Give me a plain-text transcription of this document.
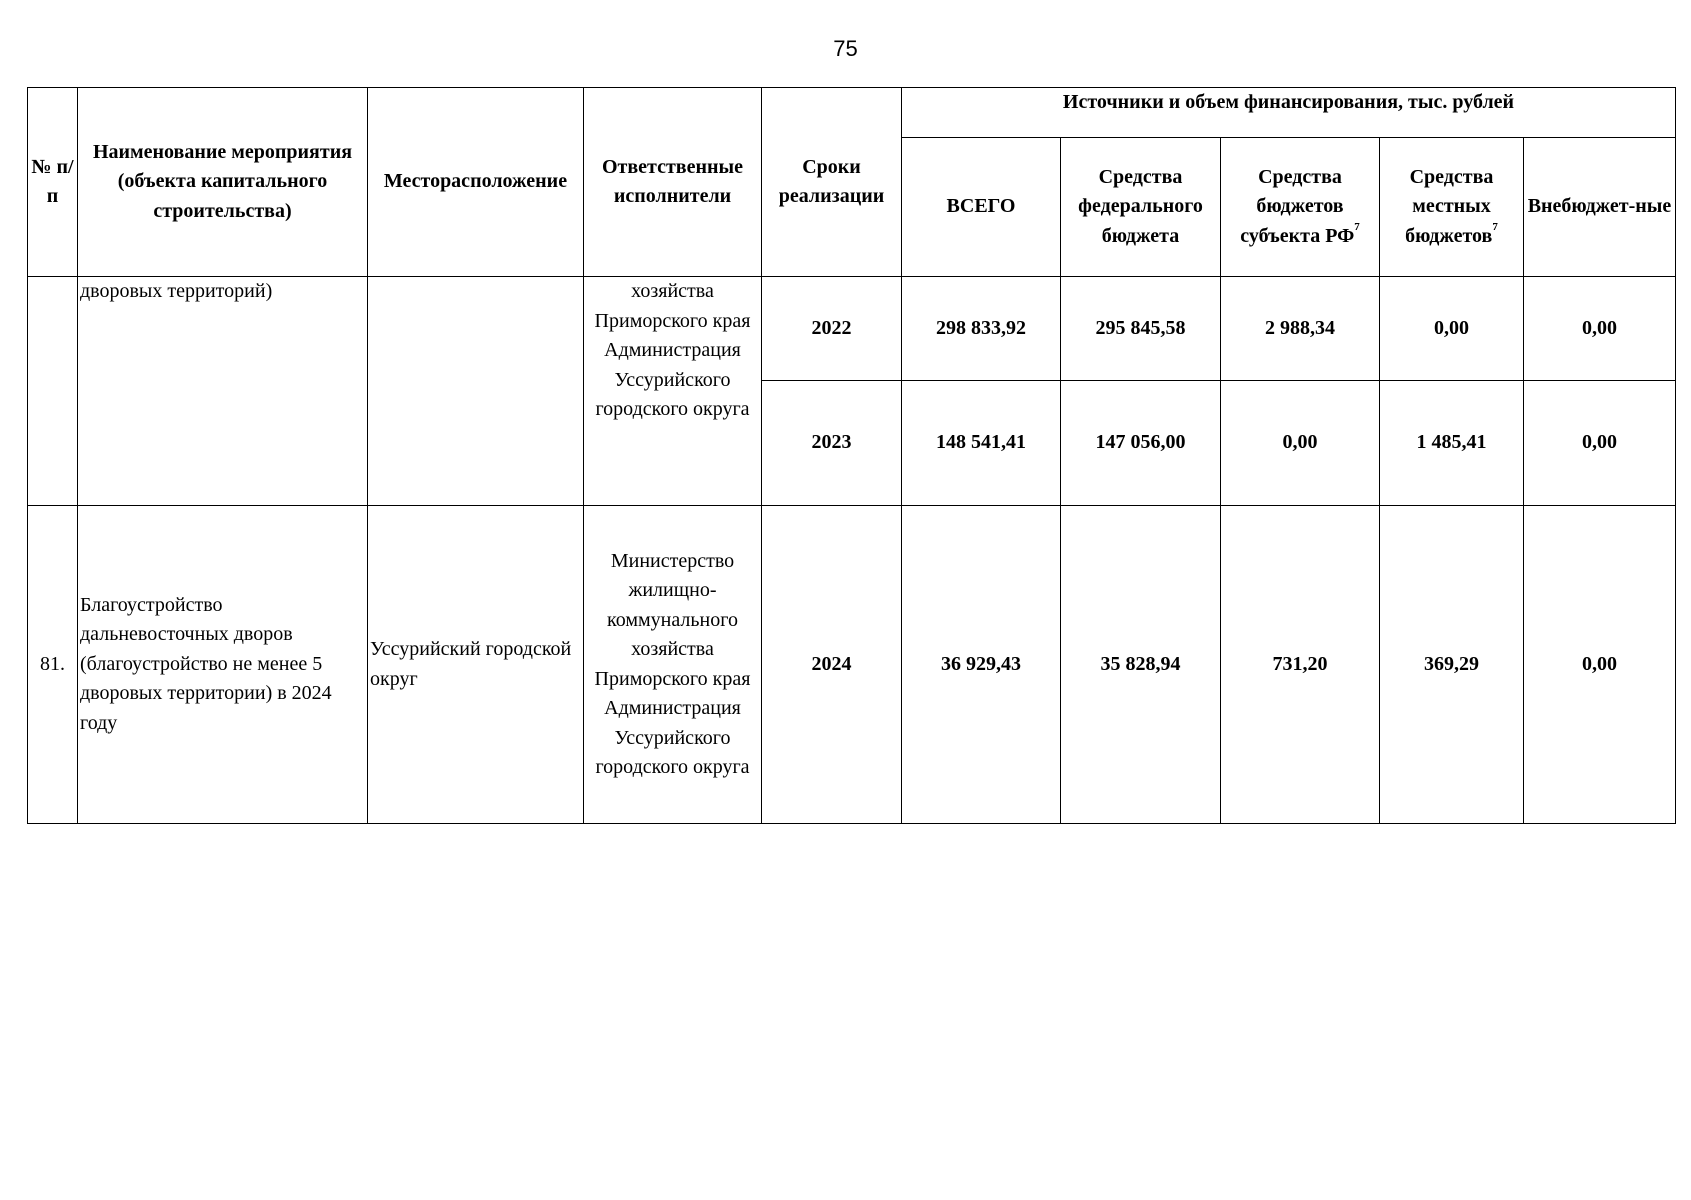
75
№ п/п	Наименование мероприятия (объекта капитального строительства)	Месторасположение	Ответственные исполнители	Сроки реализации	Источники и объем финансирования, тыс. рублей				
					ВСЕГО	Средства федерального бюджета	Средства бюджетов субъекта $РФ^7$	Средства местных бюджетов$^7$	Внебюджет-ные
	дворовых территорий)		хозяйства Приморского края Администрация Уссурийского городского округа	2022	298 833,92	295 845,58	2 988,34	0,00	0,00
				2023	148 541,41	147 056,00	0,00	1 485,41	0,00
81.	Благоустройство дальневосточных дворов (благоустройство не менее 5 дворовых территории) в 2024 году	Уссурийский городской округ	Министерство жилищно-коммунального хозяйства Приморского края Администрация Уссурийского городского округа	2024	36 929,43	35 828,94	731,20	369,29	0,00
